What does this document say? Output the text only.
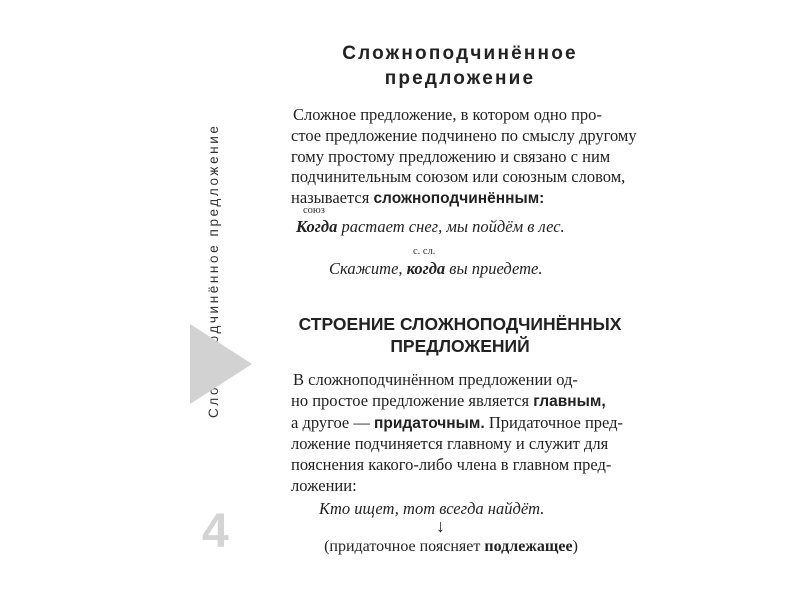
Сложноподчинённое предложение
4
Сложноподчинённое
предложение
Сложное предложение, в котором одно про-
стое предложение подчинено по смыслу другому
гому простому предложению и связано с ним
подчинительным союзом или союзным словом,
называется сложноподчинённым:
союз
Когда растает снег, мы пойдём в лес.
с. сл.
Скажите, когда вы приедете.
СТРОЕНИЕ СЛОЖНОПОДЧИНЁННЫХ
ПРЕДЛОЖЕНИЙ
В сложноподчинённом предложении од-
но простое предложение является главным,
а другое — придаточным. Придаточное пред-
ложение подчиняется главному и служит для
пояснения какого-либо члена в главном пред-
ложении:
Кто ищет, тот всегда найдёт.
↓
(придаточное поясняет подлежащее)
